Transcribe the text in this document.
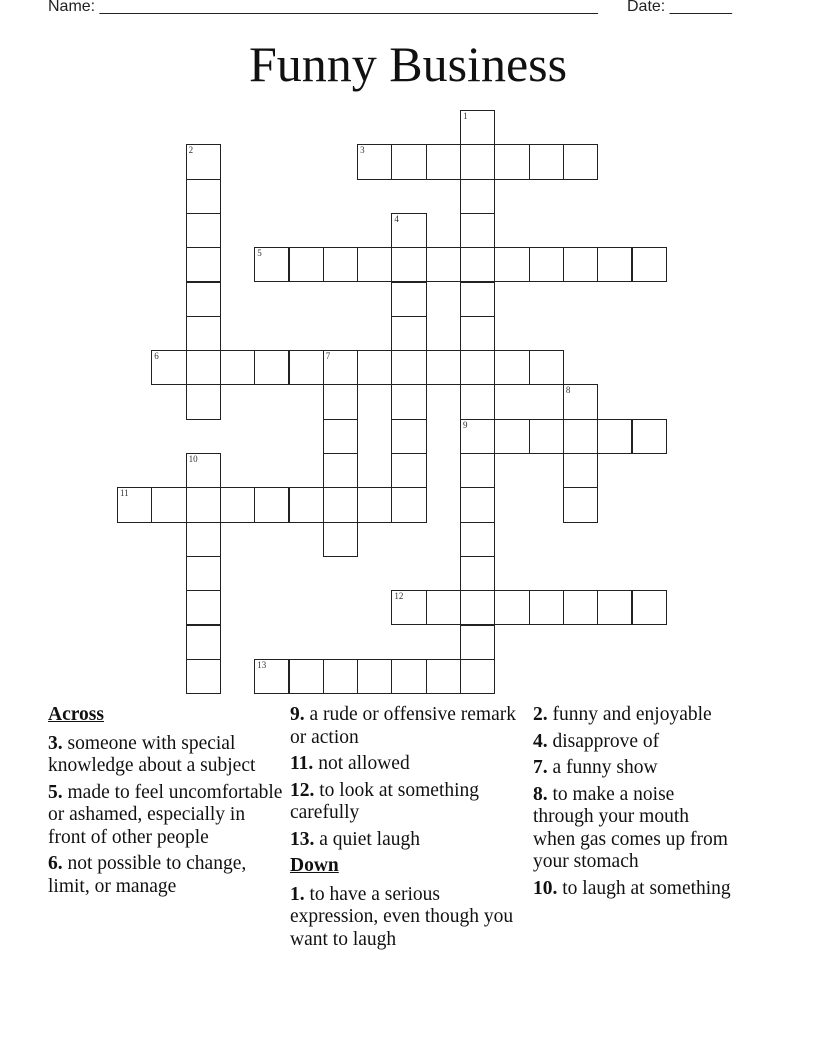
Name: ________________________________________________________ Date: _______
Funny Business
3
5
6	7
9
11
12
13
1
2
4
8
10
Across
3. someone with special knowledge about a subject
5. made to feel uncomfortable or ashamed, especially in front of other people
6. not possible to change, limit, or manage
9. a rude or offensive remark or action
11. not allowed
12. to look at something carefully
13. a quiet laugh
Down
1. to have a serious expression, even though you want to laugh
2. funny and enjoyable
4. disapprove of
7. a funny show
8. to make a noise through your mouth when gas comes up from your stomach
10. to laugh at something
